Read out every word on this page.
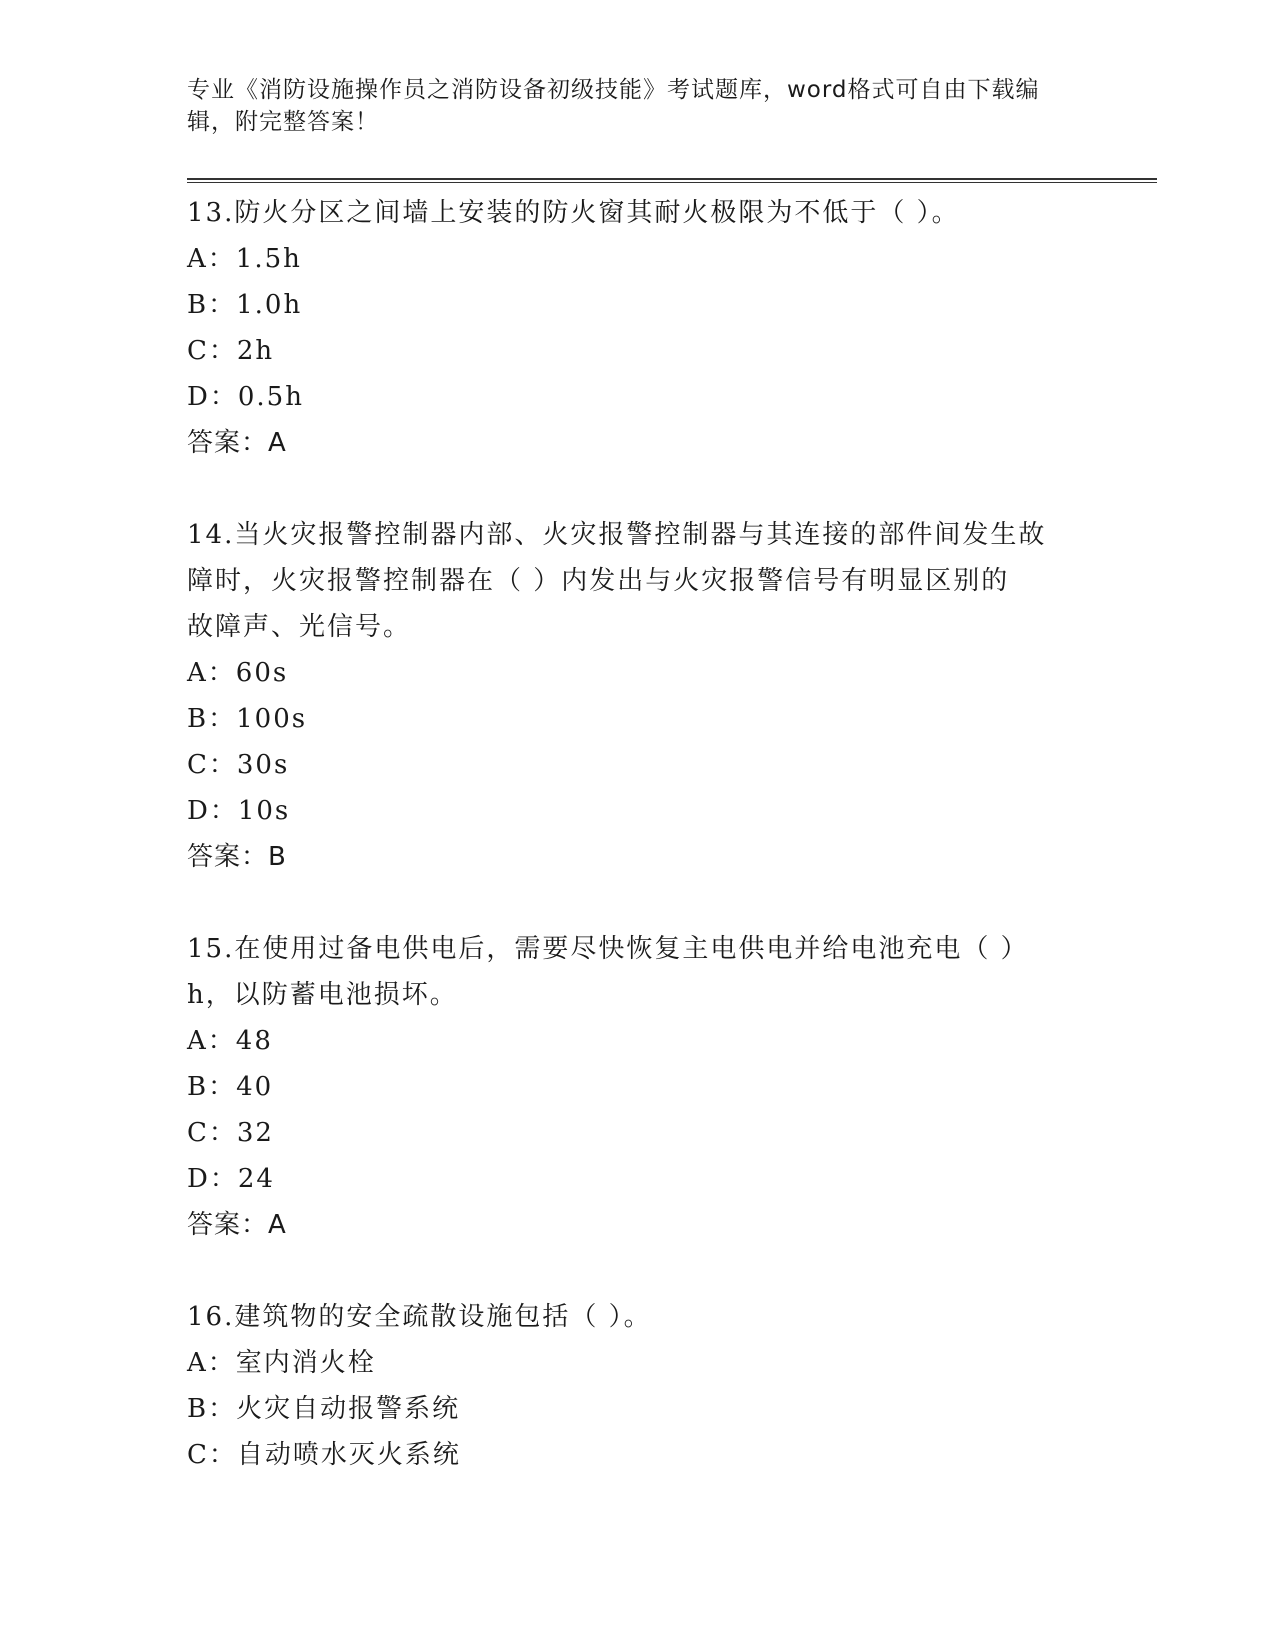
专业《消防设施操作员之消防设备初级技能》考试题库，word格式可自由下载编
辑，附完整答案！
13.防火分区之间墙上安装的防火窗其耐火极限为不低于（ ）。
A：1.5h
B：1.0h
C：2h
D：0.5h
答案：A
14.当火灾报警控制器内部、火灾报警控制器与其连接的部件间发生故
障时，火灾报警控制器在（ ）内发出与火灾报警信号有明显区别的
故障声、光信号。
A：60s
B：100s
C：30s
D：10s
答案：B
15.在使用过备电供电后，需要尽快恢复主电供电并给电池充电（ ）
h，以防蓄电池损坏。
A：48
B：40
C：32
D：24
答案：A
16.建筑物的安全疏散设施包括（ ）。
A：室内消火栓
B：火灾自动报警系统
C：自动喷水灭火系统
